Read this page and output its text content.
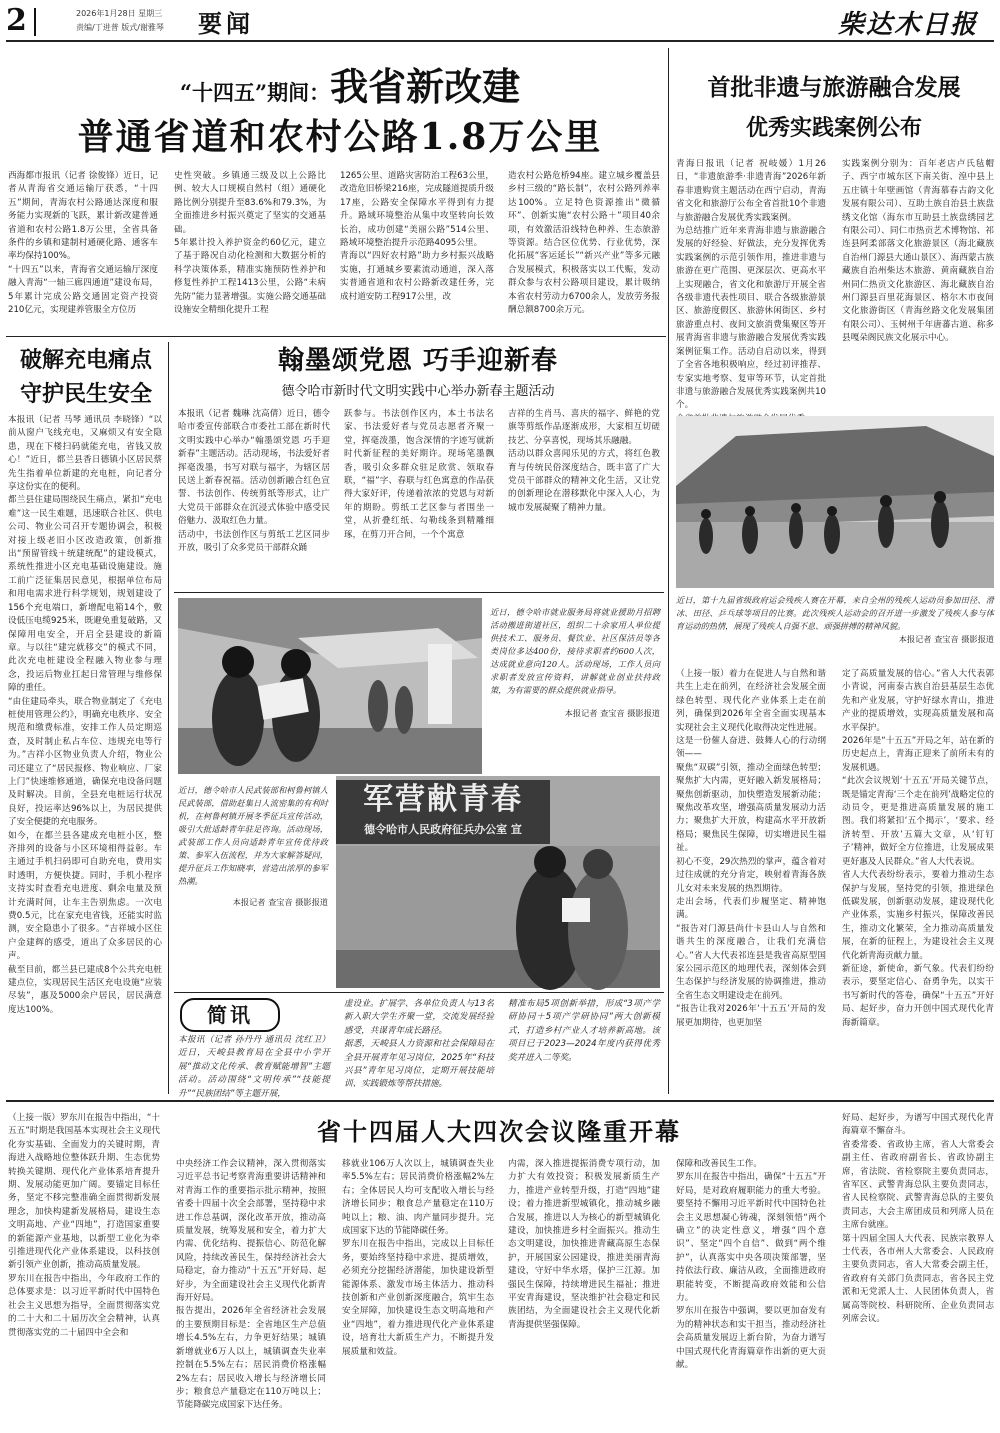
2	2026年1月28日 星期三
责编/丁进普 版式/谢雅琴 要闻	柴达木日报
“十四五”期间：我省新改建
普通省道和农村公路1.8万公里
西海都市报讯（记者 徐俊锋）近日，记者从青海省交通运输厅获悉，“十四五”期间，青海农村公路通达深度和服务能力实现新的飞跃，累计新改建普通省道和农村公路1.8万公里，全省具备条件的乡镇和建制村通硬化路、通客车率均保持100%。
“十四五”以来，青海省交通运输厅深度融入青海“一轴三廊四通道”建设布局，5年累计完成公路交通固定资产投资210亿元，实现建养管服全方位历
史性突破。乡镇通三级及以上公路比例、较大人口规模自然村（组）通硬化路比例分别提升至83.6%和79.3%，为全面推进乡村振兴奠定了坚实的交通基础。
5年累计投入养护资金约60亿元，建立了基于路况自动化检测和大数据分析的科学决策体系，精准实施预防性养护和修复性养护工程1413公里，公路“未病先防”能力显著增强。实施公路交通基础设施安全精细化提升工程
1265公里、道路灾害防治工程63公里，改造危旧桥梁216座，完成隧道提质升级17座，公路安全保障水平得到有力提升。路域环境整治从集中攻坚转向长效长治，成功创建“美丽公路”514公里、路域环境整治提升示范路4095公里。
青海以“四好农村路”助力乡村振兴战略实施，打通城乡要素流动通道，深入落实普通省道和农村公路新改建任务，完成村道安防工程917公里，改
造农村公路危桥94座。建立城乡覆盖县乡村三级的“路长制”，农村公路列养率达100%。立足特色资源推出“微循环”、创新实施“农村公路＋”项目40余项，有效激活沿线特色种养、生态旅游等资源。结合区位优势、行业优势，深化拓展“客运延长”“新兴产业”等多元融合发展模式，积极落实以工代赈，发动群众参与农村公路项目建设，累计吸纳本省农村劳动力6700余人，发放劳务报酬总额8700余万元。
首批非遗与旅游融合发展
优秀实践案例公布
青海日报讯（记者 祝岐媛）1月26日，“非遗旅游季·非遗青海”2026年新春非遗购赏主题活动在西宁启动，青海省文化和旅游厅公布全省首批10个非遗与旅游融合发展优秀实践案例。
为总结推广近年来青海非遗与旅游融合发展的好经验、好做法，充分发挥优秀实践案例的示范引领作用，推进非遗与旅游在更广范围、更深层次、更高水平上实现融合，省文化和旅游厅开展全省各级非遗代表性项目、联合各级旅游景区、旅游度假区、旅游休闲街区、乡村旅游重点村、夜间文旅消费集聚区等开展青海省非遗与旅游融合发展优秀实践案例征集工作。活动自启动以来，得到了全省各地积极响应，经过初评推荐、专家实地考察、复审等环节，认定首批非遗与旅游融合发展优秀实践案例共10个。

实践案例分别为：百年老店卢氏毡帽子、西宁市城东区下南关街、湟中县上五庄镇十年壁画馆（青海慕春古韵文化发展有限公司）、互助土族自治县土族盘绣文化馆（海东市互助县土族盘绣园艺有限公司）、同仁市热贡艺术博物馆、祁连县阿柔部落文化旅游景区（海北藏族自治州门源县大通山景区）、海西蒙古族藏族自治州柴达木旅游、黄南藏族自治州同仁热贡文化旅游区、海北藏族自治州门源县百里花海景区、格尔木市夜间文化旅游街区（青海丝路文化发展集团有限公司）、玉树州千年唐蕃古道、称多县嘎朵阁民族文化展示中心。
近日，第十九届省级政府运会残疾人赛在开幕，来自全州的残疾人运动员参加田径、滑冰、田径、乒乓球等项目的比赛。此次残疾人运动会的召开进一步激发了残疾人参与体育运动的热情，展现了残疾人自强不息、顽强拼搏的精神风貌。
本报记者 查宝音 摄影报道
（上接一版）着力在促进人与自然和谐共生上走在前列，在经济社会发展全面绿色转型、现代化产业体系上走在前列，确保到2026年全省全面实现基本实现社会主义现代化取得决定性进展。
这是一份催人奋进、鼓舞人心的行动纲领——
聚焦“双碳”引领，推动全面绿色转型；聚焦扩大内需，更好融入新发展格局；聚焦创新驱动，加快塑造发展新动能；聚焦改革攻坚，增强高质量发展动力活力；聚焦扩大开放，构建高水平开放新格局；聚焦民生保障，切实增进民生福祉。
初心不变，29次热烈的掌声，蕴含着对过往成就的充分肯定，映射着青海各族儿女对未来发展的热烈期待。
走出会场，代表们步履坚定、精神饱满。
“报告对门源县尚什卡县山人与自然和谐共生的深度融合，让我们充满信心。”省人大代表祁连县是我省高原型国家公园示范区的地理代表，深刻体会到生态保护与经济发展的协调推进，推动全省生态文明建设走在前列。
“报告让我对2026年‘十五五’开局的发展更加期待，也更加坚
定了高质量发展的信心。”省人大代表郭小青说，河南泰古族自治县基层生态优先和产业发展，守护好绿水青山，推进产业的提质增效，实现高质量发展和高水平保护。
2026年是“十五五”开局之年，站在新的历史起点上，青海正迎来了前所未有的发展机遇。
“此次会议规划‘十五五’开局关键节点，既是锚定青海‘三个走在前列’战略定位的动员令，更是推进高质量发展的施工图。我们将紧扣‘五个揭示’，‘要求、经济转型、开放’五篇大文章，从‘钉钉子’精神，做好全方位推进，让发展成果更好惠及人民群众。”省人大代表说。
省人大代表纷纷表示，要着力推动生态保护与发展，坚持党的引领，推进绿色低碳发展，创新驱动发展，建设现代化产业体系，实施乡村振兴，保障改善民生，推动文化繁荣，全力推动高质量发展，在新的征程上，为建设社会主义现代化新青海贡献力量。
新征途，新使命，新气象。代表们纷纷表示，要坚定信心、奋勇争先，以实干书写新时代的答卷，确保“十五五”开好局、起好步，奋力开创中国式现代化青海新篇章。
破解充电痛点
守护民生安全
本报讯（记者 马琴 通讯员 李晓锋）“以前从窗户飞线充电，又麻烦又有安全隐患，现在下楼扫码就能充电，省钱又放心！”近日，都兰县香日德镇小区居民蔡先生指着单位新建的充电桩，向记者分享这份实在的便利。
都兰县住建局围绕民生痛点，紧扣“充电难”这一民生难题，迅速联合社区、供电公司、物业公司召开专题协调会，积极对接上级老旧小区改造政策，创新推出“预留管线＋统建统配”的建设模式，系统性推进小区充电基础设施建设。施工前广泛征集居民意见，根据单位布局和用电需求进行科学规划，规划建设了156个充电端口，新增配电箱14个，敷设低压电缆925米，既避免重复破路，又保障用电安全，开启全县建设的新篇章。与以往“建完就移交”的模式不同，此次充电桩建设全程融入物业参与理念，投运后物业扛起日常管理与维修保障的重任。
“由住建局牵头，联合物业制定了《充电桩使用管理公约》，明确充电秩序、安全规范和缴费标准，安排工作人员定期巡查，及时制止私占车位、违规充电等行为。”吉祥小区物业负责人介绍，物业公司还建立了“居民报修、物业响应、厂家上门”快速维修通道，确保充电设备问题及时解决。目前，全县充电桩运行状况良好，投运率达96%以上，为居民提供了安全便捷的充电服务。
如今，在都兰县各建成充电桩小区，整齐排列的设备与小区环境相得益彰。车主通过手机扫码即可自助充电，费用实时透明，方便快捷。同时，手机小程序支持实时查看充电进度、剩余电量及预计充满时间，让车主告别焦虑。一次电费0.5元，比在家充电省钱，还能实时监测，安全隐患小了很多。“吉祥城小区住户金建辉的感受，道出了众多居民的心声。
截至目前，都兰县已建成8个公共充电桩建点位，实现居民生活区充电设施“应装尽装”，惠及5000余户居民，居民满意度达100%。
翰墨颂党恩 巧手迎新春
德令哈市新时代文明实践中心举办新春主题活动
本报讯（记者 魏琳 沈高倩）近日，德令哈市委宣传部联合市委社工部在新时代文明实践中心举办“翰墨颂党恩 巧手迎新春”主题活动。活动现场，书法爱好者挥毫泼墨，书写对联与福字，为辖区居民送上新春祝福。活动创新融合红色宣誓、书法创作、传统剪纸等形式，让广大党员干部群众在沉浸式体验中感受民俗魅力、汲取红色力量。
活动中，书法创作区与剪纸工艺区同步开放，吸引了众多党员干部群众踊
跃参与。书法创作区内，本土书法名家、书法爱好者与党员志愿者齐聚一堂，挥毫泼墨，饱含深情的字迹写就新时代新征程的美好期许。现场笔墨飘香，吸引众多群众驻足欣赏、领取春联，“福”字、春联与红色寓意的作品获得大家好评，传递着浓浓的党恩与对新年的期盼。剪纸工艺区参与者围坐一堂，从折叠红纸、勾勒线条到精雕细琢，在剪刀开合间，一个个寓意
吉祥的生肖马、喜庆的福字、鲜艳的党旗等剪纸作品逐渐成形，大家相互切磋技艺、分享喜悦，现场其乐融融。
活动以群众喜闻乐见的方式，将红色教育与传统民俗深度结合，既丰富了广大党员干部群众的精神文化生活，又让党的创新理论在潜移默化中深入人心，为城市发展凝聚了精神力量。
近日，德令哈市就业服务局将就业援助月招聘活动搬进街道社区，组织二十余家用人单位提供技术工、服务员、餐饮业、社区保洁员等各类岗位多达400份，接待求职者约600人次，达成就业意向120人。活动现场，工作人员向求职者发放宣传资料，讲解就业创业扶持政策，为有需要的群众提供就业指导。
本报记者 查宝音 摄影报道
近日，德令哈市人民武装部和柯鲁柯镇人民武装部，借助赶集日人流密集的有利时机，在柯鲁柯镇开展冬季征兵宣传活动，吸引大批适龄青年驻足咨询。活动现场，武装部工作人员向适龄青年宣传优待政策、参军入伍流程，并为大家解答疑问，提升征兵工作知晓率，营造出浓厚的参军热潮。
本报记者 查宝音 摄影报道
军营献青春
德令哈市人民政府征兵办公室 宣
简讯
本报讯（记者 孙丹丹 通讯员 沈红卫）近日，天峻县教育局在全县中小学开展“推动文化传承、教育赋能增智”主题活动。活动围绕“文明传承”“技能提升”“民族团结”等主题开展，
虚设业。扩展学、各单位负责人与13名新入职大学生齐聚一堂，交流发展经验感受，共谋青年成长路径。
据悉，天峻县人力资源和社会保障局在全县开展青年见习岗位，2025年“科技兴县”青年见习岗位，定期开展技能培训、实践锻炼等帮扶措施。
精准布局5项创新举措，形成“3项产学研协同＋5项产学研协同”两大创新模式，打造乡村产业人才培养新高地。该项目已于2023—2024年度内获得优秀奖并进入二等奖。
省十四届人大四次会议隆重开幕
（上接一版）罗东川在报告中指出，“十五五”时期是我国基本实现社会主义现代化夯实基础、全面发力的关键时期，青海进入战略地位整体跃升期、生态优势转换关键期、现代化产业体系培育提升期、发展动能更加广阔。要锚定目标任务，坚定不移完整准确全面贯彻新发展理念，加快构建新发展格局，建设生态文明高地、产业“四地”，打造国家重要的新能源产业基地，以新型工业化为牵引推进现代化产业体系建设，以科技创新引领产业创新，推动高质量发展。
罗东川在报告中指出，今年政府工作的总体要求是：以习近平新时代中国特色社会主义思想为指导，全面贯彻落实党的二十大和二十届历次全会精神，认真贯彻落实党的二十届四中全会和
中央经济工作会议精神，深入贯彻落实习近平总书记考察青海重要讲话精神和对青海工作的重要指示批示精神，按照省委十四届十次全会部署，坚持稳中求进工作总基调，深化改革开放，推动高质量发展，统筹发展和安全，着力扩大内需、优化结构、提振信心、防范化解风险，持续改善民生，保持经济社会大局稳定，奋力推动“十五五”开好局、起好步，为全面建设社会主义现代化新青海开好局。
报告提出，2026年全省经济社会发展的主要预期目标是：全省地区生产总值增长4.5%左右，力争更好结果；城镇新增就业6万人以上，城镇调查失业率控制在5.5%左右；居民消费价格涨幅2%左右；居民收入增长与经济增长同步；粮食总产量稳定在110万吨以上；节能降碳完成国家下达任务。
移就业106万人次以上，城镇调查失业率5.5%左右；居民消费价格涨幅2%左右；全体居民人均可支配收入增长与经济增长同步；粮食总产量稳定在110万吨以上；粮、油、肉产量同步提升。完成国家下达的节能降碳任务。
罗东川在报告中指出，完成以上目标任务，要始终坚持稳中求进、提质增效，必须充分挖掘经济潜能，加快建设新型能源体系、激发市场主体活力、推动科技创新和产业创新深度融合，筑牢生态安全屏障，加快建设生态文明高地和产业“四地”，着力推进现代化产业体系建设，培育壮大新质生产力，不断提升发展质量和效益。
内需，深入推进提振消费专项行动，加力扩大有效投资；积极发展新质生产力，推进产业转型升级，打造“四地”建设；着力推进新型城镇化，推动城乡融合发展，推进以人为核心的新型城镇化建设，加快推进乡村全面振兴。推动生态文明建设，加快推进青藏高原生态保护，开展国家公园建设，推进美丽青海建设，守好中华水塔，保护三江源。加强民生保障，持续增进民生福祉；推进平安青海建设，坚决维护社会稳定和民族团结，为全面建设社会主义现代化新青海提供坚强保障。
保障和改善民生工作。
罗东川在报告中指出，确保“十五五”开好局，是对政府履职能力的重大考验。要坚持不懈用习近平新时代中国特色社会主义思想凝心铸魂，深刻领悟“两个确立”的决定性意义，增强“四个意识”、坚定“四个自信”、做到“两个维护”，认真落实中央各项决策部署，坚持依法行政、廉洁从政，全面推进政府职能转变，不断提高政府效能和公信力。
罗东川在报告中强调，要以更加奋发有为的精神状态和实干担当，推动经济社会高质量发展迈上新台阶，为奋力谱写中国式现代化青海篇章作出新的更大贡献。
好局、起好步，为谱写中国式现代化青海篇章不懈奋斗。
省委常委、省政协主席，省人大常委会副主任、省政府副省长、省政协副主席，省法院、省检察院主要负责同志，省军区、武警青海总队主要负责同志，省人民检察院、武警青海总队的主要负责同志，大会主席团成员和列席人员在主席台就座。
第十四届全国人大代表、民族宗教界人士代表，各市州人大常委会、人民政府主要负责同志，省人大常委会副主任，省政府有关部门负责同志，省各民主党派和无党派人士、人民团体负责人，省属高等院校、科研院所、企业负责同志列席会议。
